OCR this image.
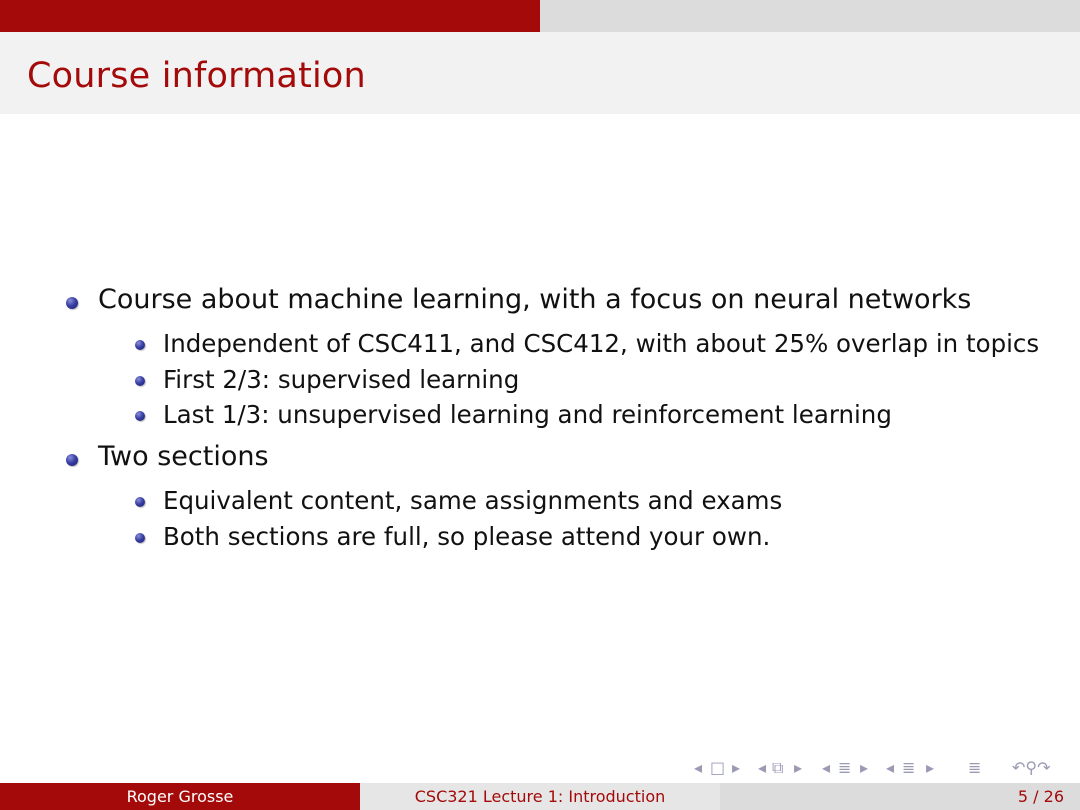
Course information
Course about machine learning, with a focus on neural networks
Independent of CSC411, and CSC412, with about 25% overlap in topics
First 2/3: supervised learning
Last 1/3: unsupervised learning and reinforcement learning
Two sections
Equivalent content, same assignments and exams
Both sections are full, so please attend your own.
◂ □ ▸ ◂ ⧉ ▸ ◂ ≣ ▸ ◂ ≣ ▸ ≣ ↶⚲↷
Roger Grosse	CSC321 Lecture 1: Introduction	5 / 26
